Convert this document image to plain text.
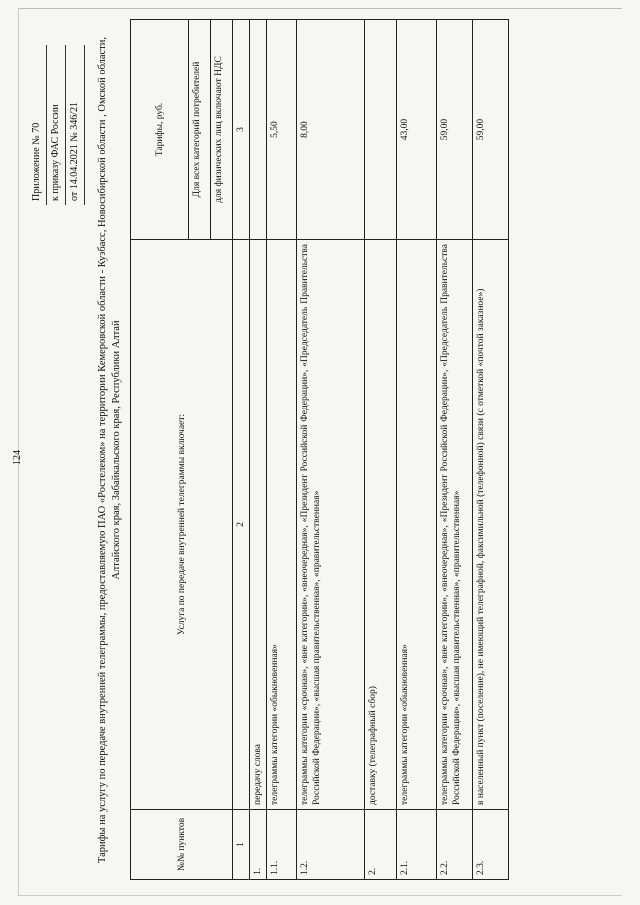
124
Приложение № 70 к приказу ФАС России от 14.04.2021 № 346/21	Тарифы на услугу по передаче внутренней телеграммы, предоставляемую ПАО «Ростелеком» на территории Кемеровской области - Кузбасс, Новосибирской области , Омской области, Алтайского края, Забайкальского края, Республики Алтай
№№ пунктов	Услуга по передаче внутренней телеграммы включает:	Тарифы, руб.
		Для всех категорий потребителей
		для физических лиц включают НДС
1	2	3
1.	передачу слова	
1.1.	телеграммы категории «обыкновенная»	5,50
1.2.	телеграммы категории «срочная», «вне категории», «внеочередная», «Президент Российской Федерации», «Председатель Правительства Российской Федерации», «высшая правительственная», «правительственная»	8,00
2.	доставку (телеграфный сбор)	
2.1.	телеграммы категории «обыкновенная»	43,00
2.2.	телеграммы категории «срочная», «вне категории», «внеочередная», «Президент Российской Федерации», «Председатель Правительства Российской Федерации», «высшая правительственная», «правительственная»	59,00
2.3.	в населенный пункт (поселение), не имеющий телеграфной, факсимильной (телефонной) связи (с отметкой «почтой заказное»)	59,00
